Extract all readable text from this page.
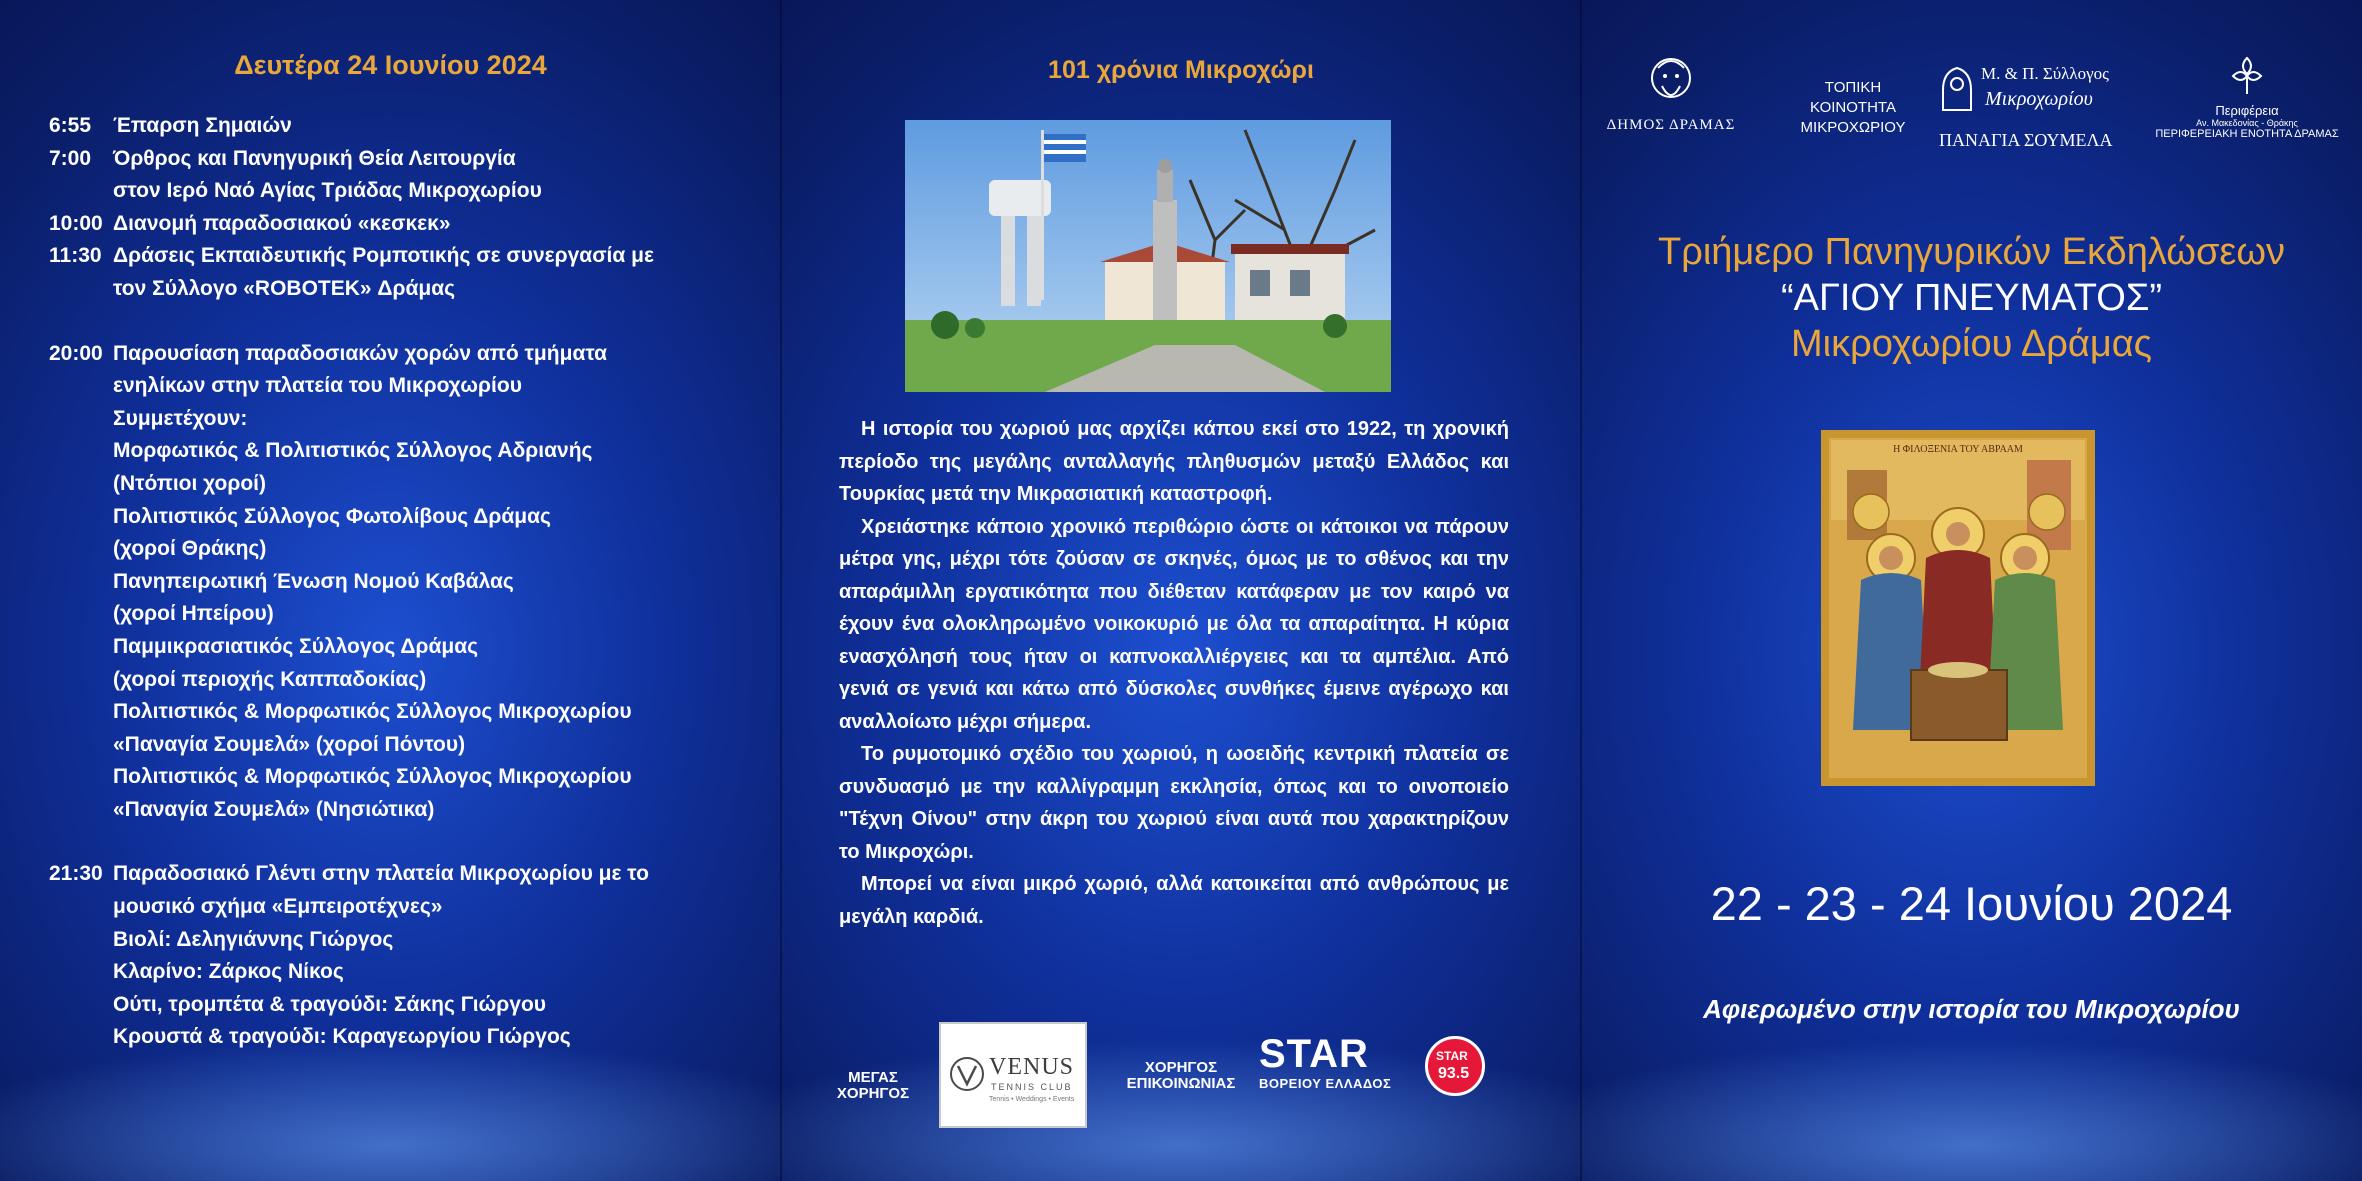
Δευτέρα 24 Ιουνίου 2024
6:55	Έπαρση Σημαιών
7:00	Όρθρος και Πανηγυρική Θεία Λειτουργία
στον Ιερό Ναό Αγίας Τριάδας Μικροχωρίου
10:00 Διανομή παραδοσιακού «κεσκεκ»
11:30 Δράσεις Εκπαιδευτικής Ρομποτικής σε συνεργασία με
τον Σύλλογο «ROBOTEK» Δράμας
20:00 Παρουσίαση παραδοσιακών χορών από τμήματα
ενηλίκων στην πλατεία του Μικροχωρίου
Συμμετέχουν:
Μορφωτικός & Πολιτιστικός Σύλλογος Αδριανής
(Ντόπιοι χοροί)
Πολιτιστικός Σύλλογος Φωτολίβους Δράμας
(χοροί Θράκης)
Πανηπειρωτική Ένωση Νομού Καβάλας
(χοροί Ηπείρου)
Παμμικρασιατικός Σύλλογος Δράμας
(χοροί περιοχής Καππαδοκίας)
Πολιτιστικός & Μορφωτικός Σύλλογος Μικροχωρίου
«Παναγία Σουμελά» (χοροί Πόντου)
Πολιτιστικός & Μορφωτικός Σύλλογος Μικροχωρίου
«Παναγία Σουμελά» (Νησιώτικα)
21:30 Παραδοσιακό Γλέντι στην πλατεία Μικροχωρίου με το
μουσικό σχήμα «Εμπειροτέχνες»
Βιολί: Δεληγιάννης Γιώργος
Κλαρίνο: Ζάρκος Νίκος
Ούτι, τρομπέτα & τραγούδι: Σάκης Γιώργου
Κρουστά & τραγούδι: Καραγεωργίου Γιώργος
101 χρόνια Μικροχώρι

Η ιστορία του χωριού μας αρχίζει κάπου εκεί στο 1922, τη χρονική περίοδο της μεγάλης ανταλλαγής πληθυσμών μεταξύ Ελλάδος και Τουρκίας μετά την Μικρασιατική καταστροφή.

Χρειάστηκε κάποιο χρονικό περιθώριο ώστε οι κάτοικοι να πάρουν μέτρα γης, μέχρι τότε ζούσαν σε σκηνές, όμως με το σθένος και την απαράμιλλη εργατικότητα που διέθεταν κατάφεραν με τον καιρό να έχουν ένα ολοκληρωμένο νοικοκυριό με όλα τα απαραίτητα. Η κύρια ενασχόλησή τους ήταν οι καπνοκαλλιέργειες και τα αμπέλια. Από γενιά σε γενιά και κάτω από δύσκολες συνθήκες έμεινε αγέρωχο και αναλλοίωτο μέχρι σήμερα.

Το ρυμοτομικό σχέδιο του χωριού, η ωοειδής κεντρική πλατεία σε συνδυασμό με την καλλίγραμμη εκκλησία, όπως και το οινοποιείο "Τέχνη Οίνου" στην άκρη του χωριού είναι αυτά που χαρακτηρίζουν το Μικροχώρι.

Μπορεί να είναι μικρό χωριό, αλλά κατοικείται από ανθρώπους με μεγάλη καρδιά.

ΜΕΓΑΣ
ΧΟΡΗΓΟΣ
VENUS
TENNIS CLUB
Tennis • Weddings • Events
ΧΟΡΗΓΟΣ
ΕΠΙΚΟΙΝΩΝΙΑΣ
STAR
ΒΟΡΕΙΟΥ ΕΛΛΑΔΟΣ
STAR
93.5
ΔΗΜΟΣ ΔΡΑΜΑΣ
ΤΟΠΙΚΗ
ΚΟΙΝΟΤΗΤΑ
ΜΙΚΡΟΧΩΡΙΟΥ
Μ. & Π. Σύλλογος
Μικροχωρίου
ΠΑΝΑΓΙΑ ΣΟΥΜΕΛΑ
Περιφέρεια
Αν. Μακεδονίας - Θράκης
ΠΕΡΙΦΕΡΕΙΑΚΗ ΕΝΟΤΗΤΑ ΔΡΑΜΑΣ
Τριήμερο Πανηγυρικών Εκδηλώσεων
“ΑΓΙΟΥ ΠΝΕΥΜΑΤΟΣ”
Μικροχωρίου Δράμας
Η ΦΙΛΟΞΕΝΙΑ ΤΟΥ ΑΒΡΑΑΜ
22 - 23 - 24 Ιουνίου 2024
Αφιερωμένο στην ιστορία του Μικροχωρίου
